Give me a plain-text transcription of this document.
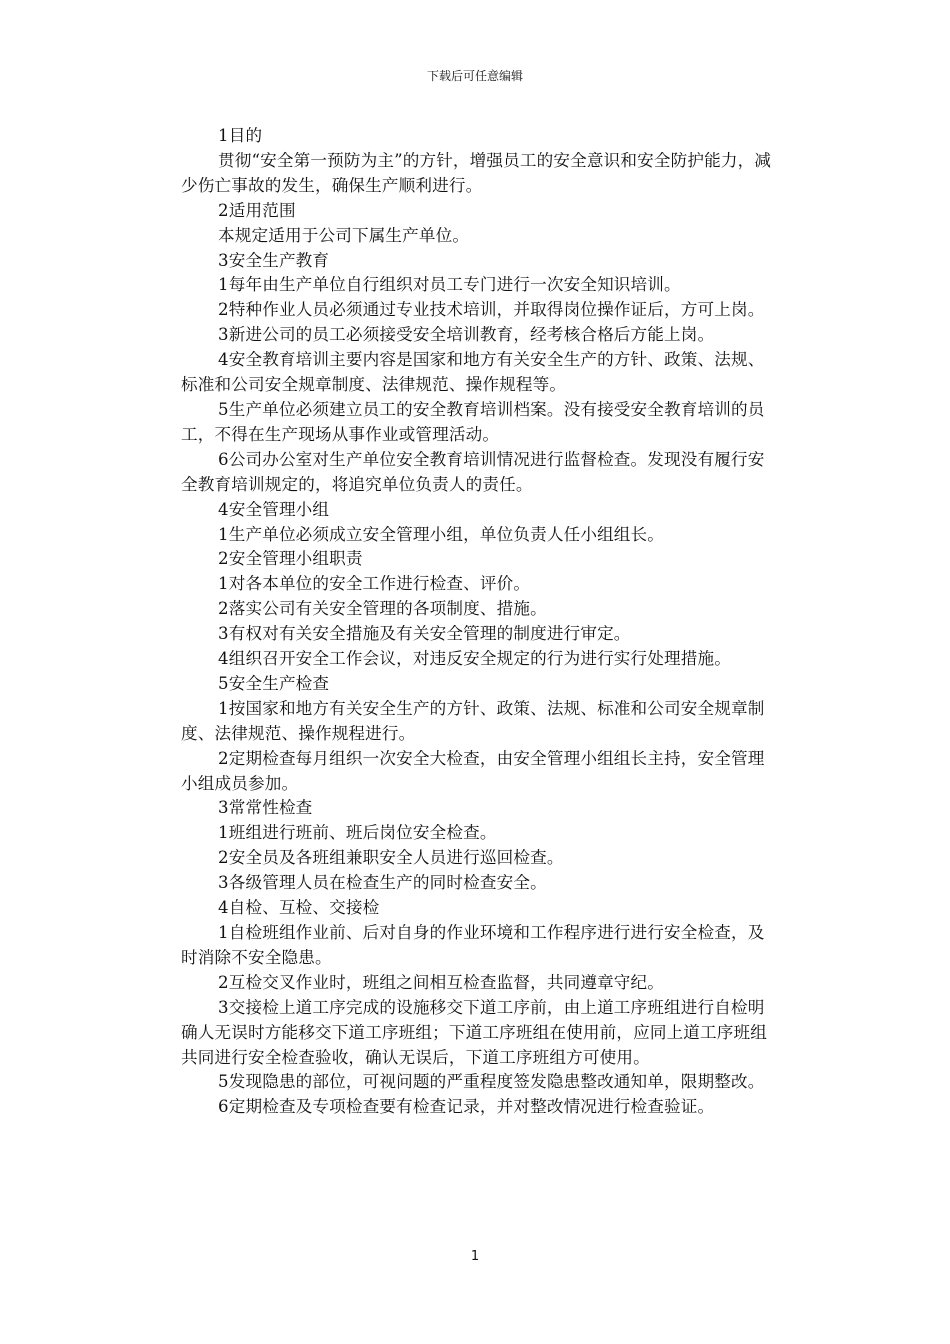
下载后可任意编辑

1目的

贯彻“安全第一预防为主”的方针，增强员工的安全意识和安全防护能力，减少伤亡事故的发生，确保生产顺利进行。

2适用范围

本规定适用于公司下属生产单位。

3安全生产教育

1每年由生产单位自行组织对员工专门进行一次安全知识培训。

2特种作业人员必须通过专业技术培训，并取得岗位操作证后，方可上岗。

3新进公司的员工必须接受安全培训教育，经考核合格后方能上岗。

4安全教育培训主要内容是国家和地方有关安全生产的方针、政策、法规、标准和公司安全规章制度、法律规范、操作规程等。

5生产单位必须建立员工的安全教育培训档案。没有接受安全教育培训的员工，不得在生产现场从事作业或管理活动。

6公司办公室对生产单位安全教育培训情况进行监督检查。发现没有履行安全教育培训规定的，将追究单位负责人的责任。

4安全管理小组

1生产单位必须成立安全管理小组，单位负责人任小组组长。

2安全管理小组职责

1对各本单位的安全工作进行检查、评价。

2落实公司有关安全管理的各项制度、措施。

3有权对有关安全措施及有关安全管理的制度进行审定。

4组织召开安全工作会议，对违反安全规定的行为进行实行处理措施。

5安全生产检查

1按国家和地方有关安全生产的方针、政策、法规、标准和公司安全规章制度、法律规范、操作规程进行。

2定期检查每月组织一次安全大检查，由安全管理小组组长主持，安全管理小组成员参加。

3常常性检查

1班组进行班前、班后岗位安全检查。

2安全员及各班组兼职安全人员进行巡回检查。

3各级管理人员在检查生产的同时检查安全。

4自检、互检、交接检

1自检班组作业前、后对自身的作业环境和工作程序进行进行安全检查，及时消除不安全隐患。

2互检交叉作业时，班组之间相互检查监督，共同遵章守纪。

3交接检上道工序完成的设施移交下道工序前，由上道工序班组进行自检明确人无误时方能移交下道工序班组；下道工序班组在使用前，应同上道工序班组共同进行安全检查验收，确认无误后，下道工序班组方可使用。

5发现隐患的部位，可视问题的严重程度签发隐患整改通知单，限期整改。

6定期检查及专项检查要有检查记录，并对整改情况进行检查验证。

1
